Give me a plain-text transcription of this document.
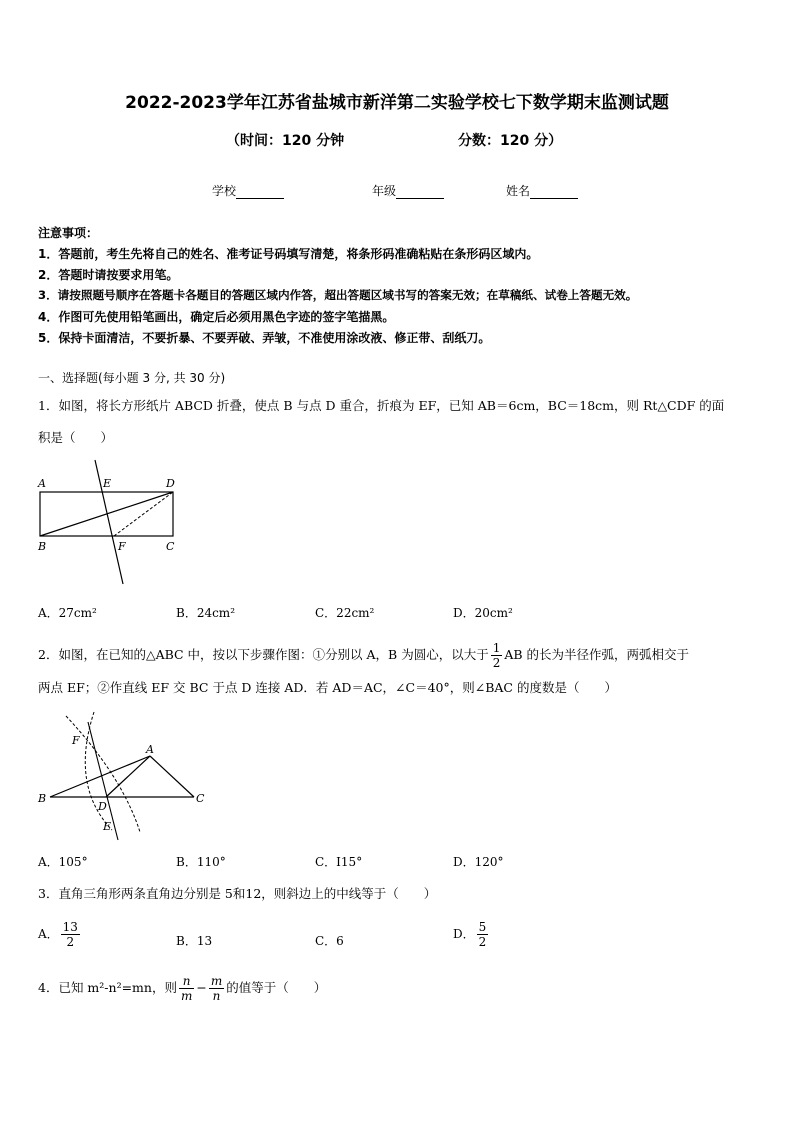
2022-2023学年江苏省盐城市新洋第二实验学校七下数学期末监测试题
（时间：120 分钟	分数：120 分）
学校	年级	姓名
注意事项：
1．答题前，考生先将自己的姓名、准考证号码填写清楚，将条形码准确粘贴在条形码区域内。
2．答题时请按要求用笔。
3．请按照题号顺序在答题卡各题目的答题区域内作答，超出答题区域书写的答案无效；在草稿纸、试卷上答题无效。
4．作图可先使用铅笔画出，确定后必须用黑色字迹的签字笔描黑。
5．保持卡面清洁，不要折暴、不要弄破、弄皱，不准使用涂改液、修正带、刮纸刀。
一、选择题(每小题 3 分, 共 30 分)
1．如图，将长方形纸片 ABCD 折叠，使点 B 与点 D 重合，折痕为 EF，已知 AB＝6cm，BC＝18cm，则 Rt△CDF 的面
积是（　　）
A	E	D
B	F	C
A．27cm²	B．24cm²	C．22cm²	D．20cm²
2．如图，在已知的△ABC 中，按以下步骤作图：①分别以 A，B 为圆心，以大于 $\frac{1}{2}$ AB 的长为半径作弧，两弧相交于
两点 EF；②作直线 EF 交 BC 于点 D 连接 AD．若 AD＝AC，∠C＝40°，则∠BAC 的度数是（　　）
F
A
B
D
C
E
A．105°	B．110°	C．I15°	D．120°
3．直角三角形两条直角边分别是 5和12，则斜边上的中线等于（　　）
A． $\frac{13}{2}$	B．13	C．6	D． $\frac{5}{2}$
4．已知 m²-n²=mn，则 $\frac{n}{m} - \frac{m}{n}$ 的值等于（　　）
